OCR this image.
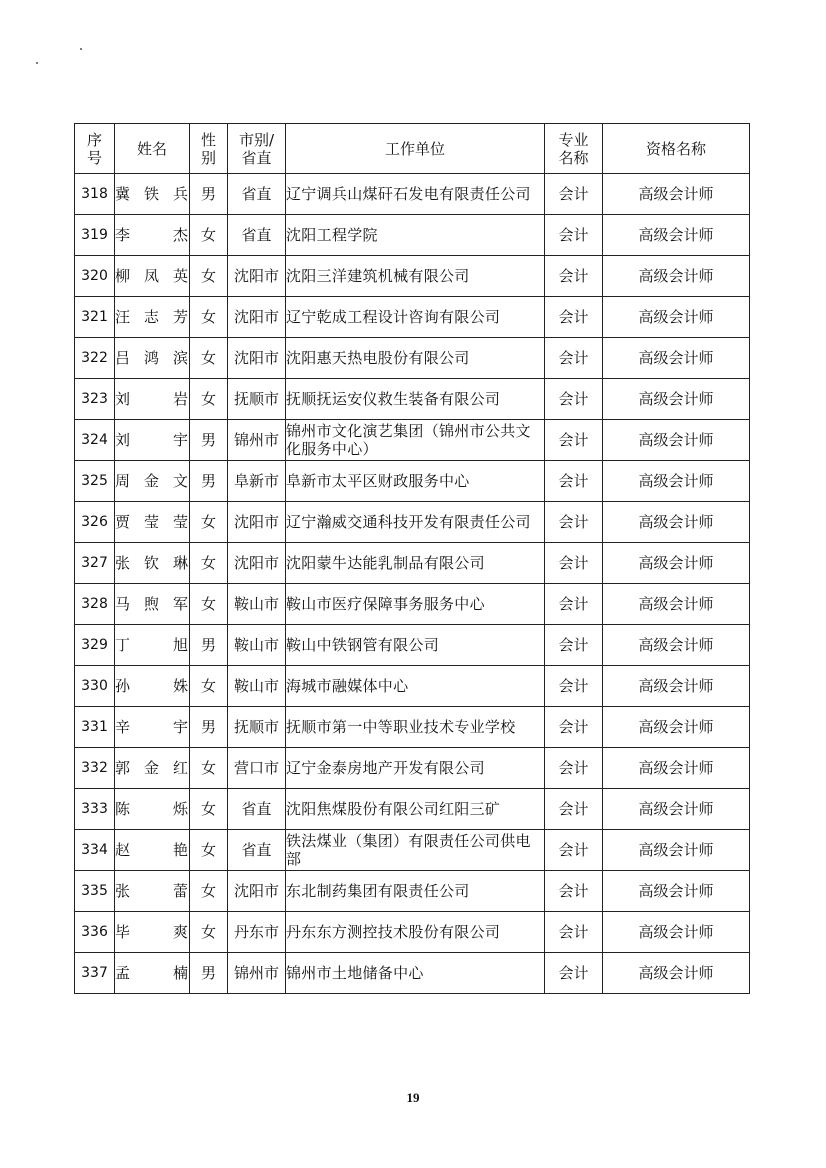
序号	姓名	性别	市别/省直	工作单位	专业名称	资格名称
318	冀铁兵	男	省直	辽宁调兵山煤矸石发电有限责任公司	会计	高级会计师
319	李杰	女	省直	沈阳工程学院	会计	高级会计师
320	柳凤英	女	沈阳市	沈阳三洋建筑机械有限公司	会计	高级会计师
321	汪志芳	女	沈阳市	辽宁乾成工程设计咨询有限公司	会计	高级会计师
322	吕鸿滨	女	沈阳市	沈阳惠天热电股份有限公司	会计	高级会计师
323	刘岩	女	抚顺市	抚顺抚运安仪救生装备有限公司	会计	高级会计师
324	刘宇	男	锦州市	锦州市文化演艺集团（锦州市公共文化服务中心）	会计	高级会计师
325	周金文	男	阜新市	阜新市太平区财政服务中心	会计	高级会计师
326	贾莹莹	女	沈阳市	辽宁瀚威交通科技开发有限责任公司	会计	高级会计师
327	张钦琳	女	沈阳市	沈阳蒙牛达能乳制品有限公司	会计	高级会计师
328	马煦军	女	鞍山市	鞍山市医疗保障事务服务中心	会计	高级会计师
329	丁旭	男	鞍山市	鞍山中铁钢管有限公司	会计	高级会计师
330	孙姝	女	鞍山市	海城市融媒体中心	会计	高级会计师
331	辛宇	男	抚顺市	抚顺市第一中等职业技术专业学校	会计	高级会计师
332	郭金红	女	营口市	辽宁金泰房地产开发有限公司	会计	高级会计师
333	陈烁	女	省直	沈阳焦煤股份有限公司红阳三矿	会计	高级会计师
334	赵艳	女	省直	铁法煤业（集团）有限责任公司供电部	会计	高级会计师
335	张蕾	女	沈阳市	东北制药集团有限责任公司	会计	高级会计师
336	毕爽	女	丹东市	丹东东方测控技术股份有限公司	会计	高级会计师
337	孟楠	男	锦州市	锦州市土地储备中心	会计	高级会计师
19
